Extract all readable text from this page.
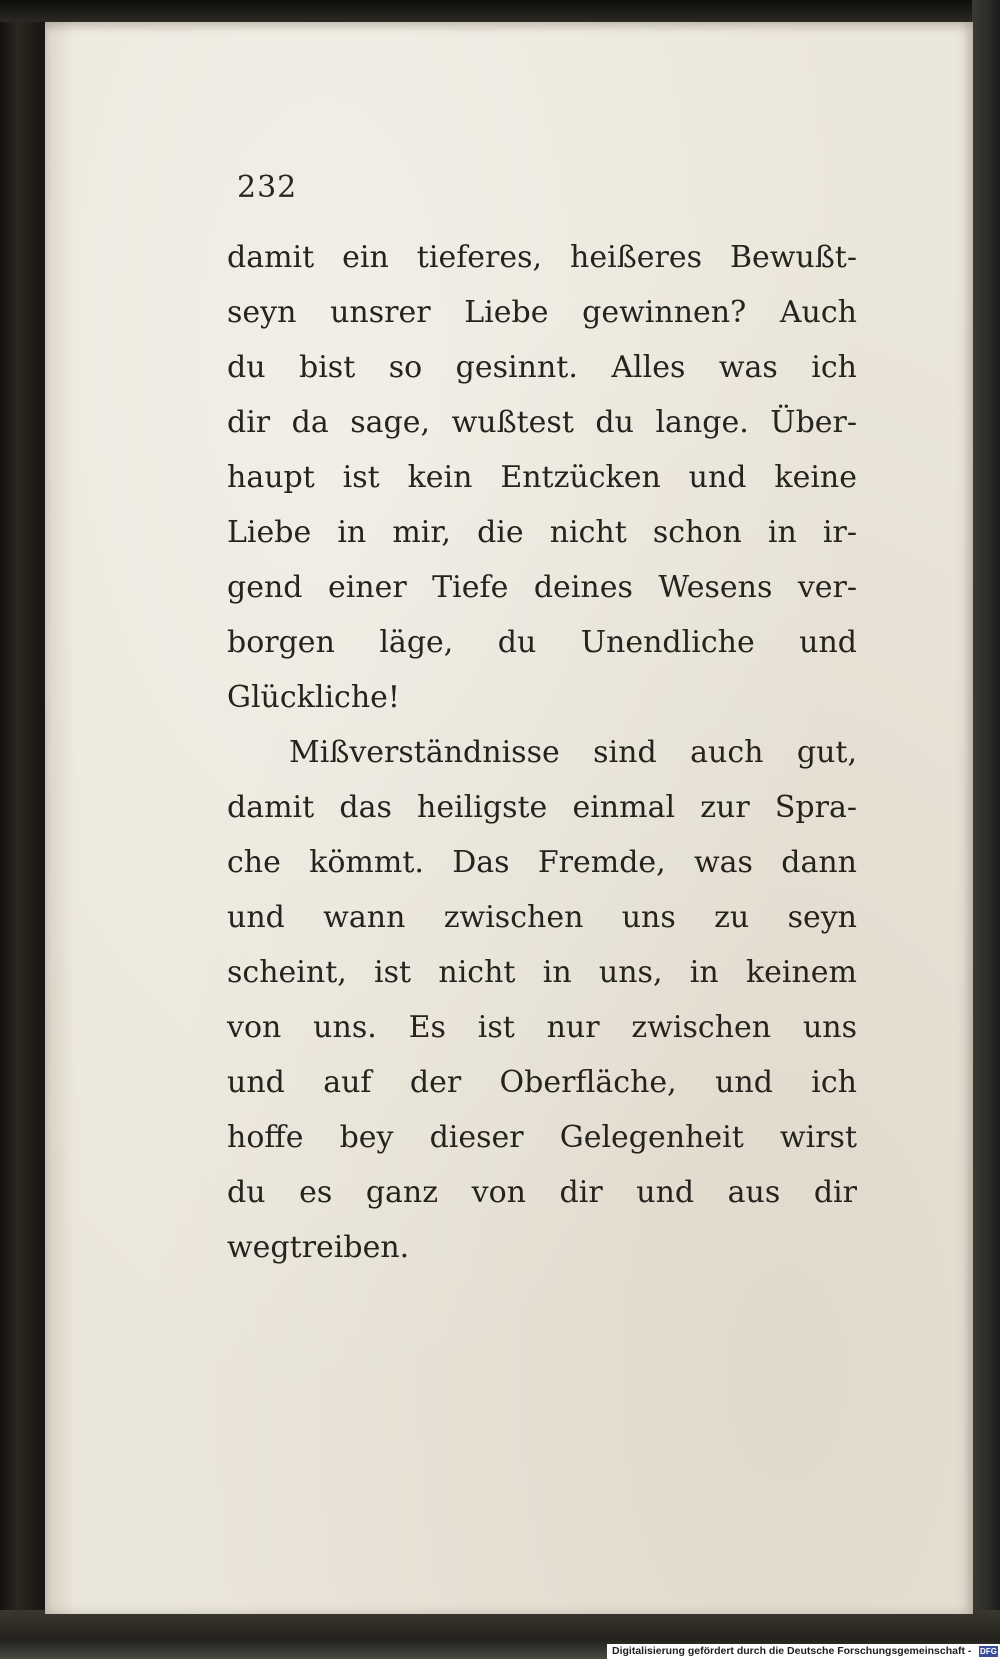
232
damit ein tieferes, heißeres Bewußt-
seyn unsrer Liebe gewinnen? Auch
du bist so gesinnt. Alles was ich
dir da sage, wußtest du lange. Über-
haupt ist kein Entzücken und keine
Liebe in mir, die nicht schon in ir-
gend einer Tiefe deines Wesens ver-
borgen läge, du Unendliche und
Glückliche!
Mißverständnisse sind auch gut,
damit das heiligste einmal zur Spra-
che kömmt. Das Fremde, was dann
und wann zwischen uns zu seyn
scheint, ist nicht in uns, in keinem
von uns. Es ist nur zwischen uns
und auf der Oberfläche, und ich
hoffe bey dieser Gelegenheit wirst
du es ganz von dir und aus dir
wegtreiben.
Digitalisierung gefördert durch die Deutsche Forschungsgemeinschaft - DFG
